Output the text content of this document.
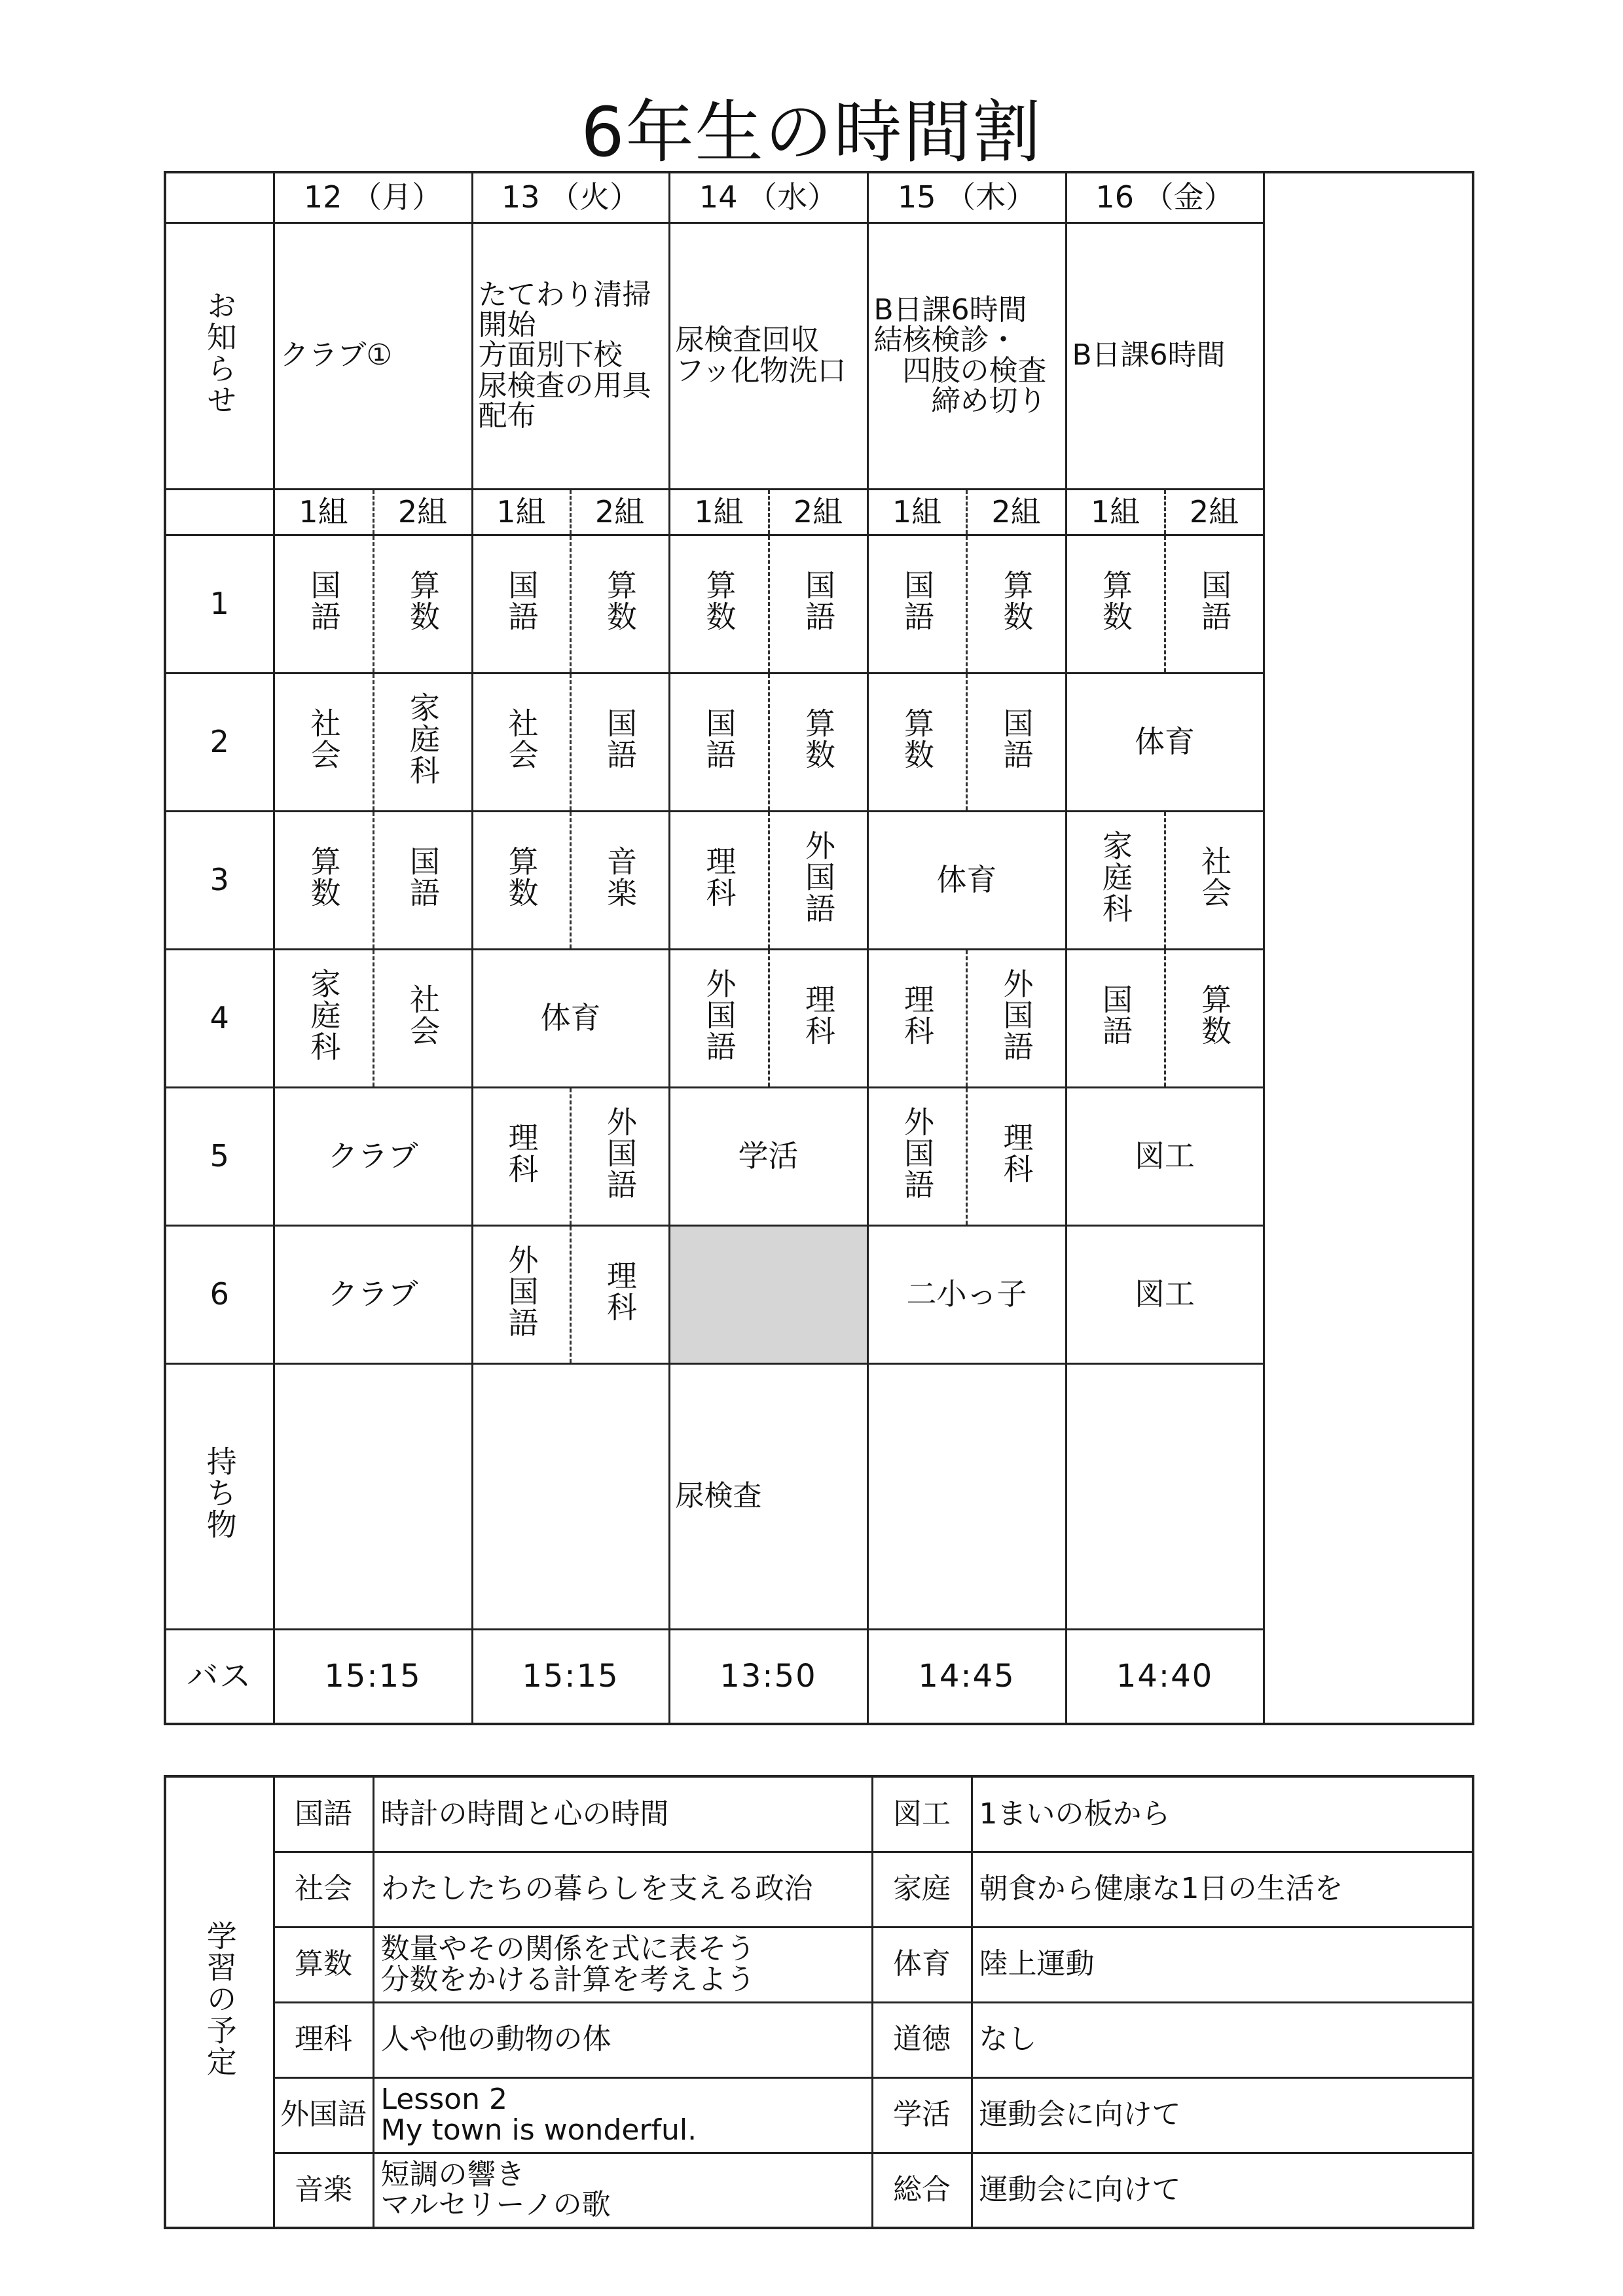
6年生の時間割
	12 （月）		13 （火）		14 （水）		15 （木）		16 （金）		
お知らせ	クラブ①		たてわり清掃
開始
方面別下校
尿検査の用具
配布		尿検査回収
フッ化物洗口		B日課6時間
結核検診・
　四肢の検査
　　締め切り		B日課6時間		

	1組	2組	1組	2組	1組	2組	1組	2組	1組	2組	
1	国語	算数	国語	算数	算数	国語	国語	算数	算数	国語	
2	社会	家庭科	社会	国語	国語	算数	算数	国語	体育		
3	算数	国語	算数	音楽	理科	外国語	体育		家庭科	社会	
4	家庭科	社会	体育		外国語	理科	理科	外国語	国語	算数	
5	クラブ		理科	外国語	学活		外国語	理科	図工		
6	クラブ		外国語	理科			二小っ子		図工		
持ち物					尿検査						
バス	15:15		15:15		13:50		14:45		14:40		
学習の予定	国語	時計の時間と心の時間	図工	1まいの板から

	社会	わたしたちの暮らしを支える政治	家庭	朝食から健康な1日の生活を

	算数	数量やその関係を式に表そう
分数をかける計算を考えよう	体育	陸上運動

	理科	人や他の動物の体	道徳	なし

	外国語	Lesson 2
My town is wonderful.	学活	運動会に向けて

	音楽	短調の響き
マルセリーノの歌	総合	運動会に向けて
